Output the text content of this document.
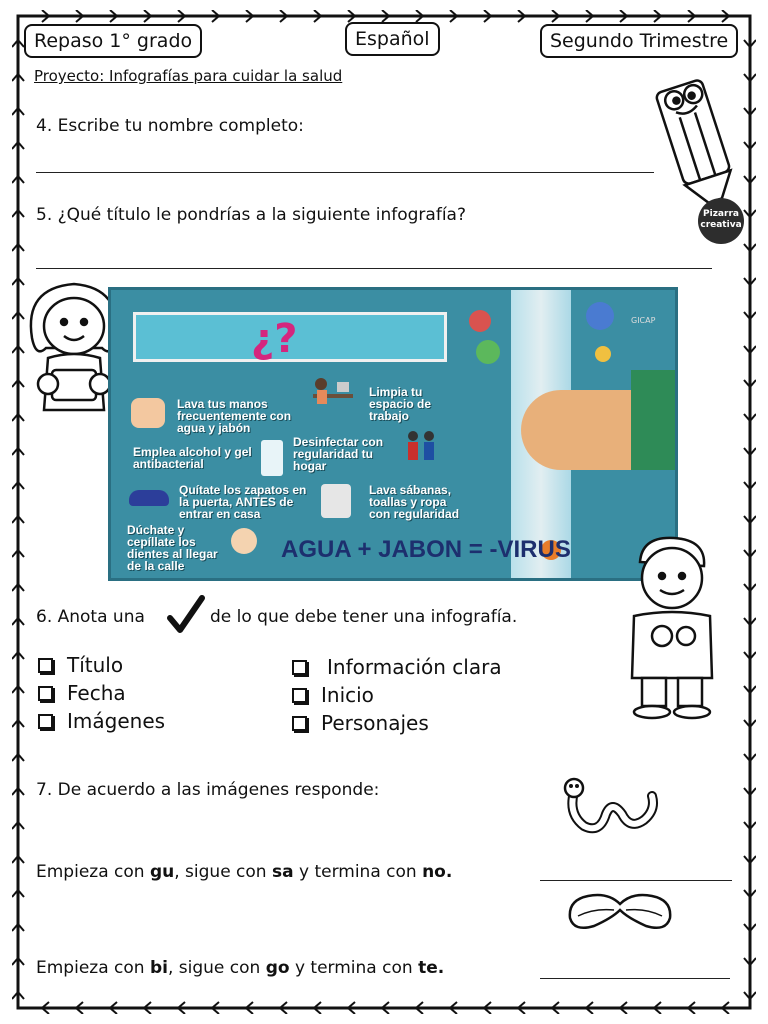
Repaso 1° grado	Español	Segundo Trimestre
Proyecto: Infografías para cuidar la salud
Pizarra creativa
4. Escribe tu nombre completo:
5. ¿Qué título le pondrías a la siguiente infografía?
¿?	GICAP
Lava tus manos frecuentemente con agua y jabón
Limpia tu espacio de trabajo
Emplea alcohol y gel antibacterial
Desinfectar con regularidad tu hogar
Quítate los zapatos en la puerta, ANTES de entrar en casa
Lava sábanas, toallas y ropa con regularidad
Dúchate y cepíllate los dientes al llegar de la calle
AGUA + JABON = -VIRUS
6. Anota una	de lo que debe tener una infografía.
Título
Fecha
Imágenes
Información clara
Inicio
Personajes
7. De acuerdo a las imágenes responde:
Empieza con gu, sigue con sa y termina con no.
Empieza con bi, sigue con go y termina con te.
